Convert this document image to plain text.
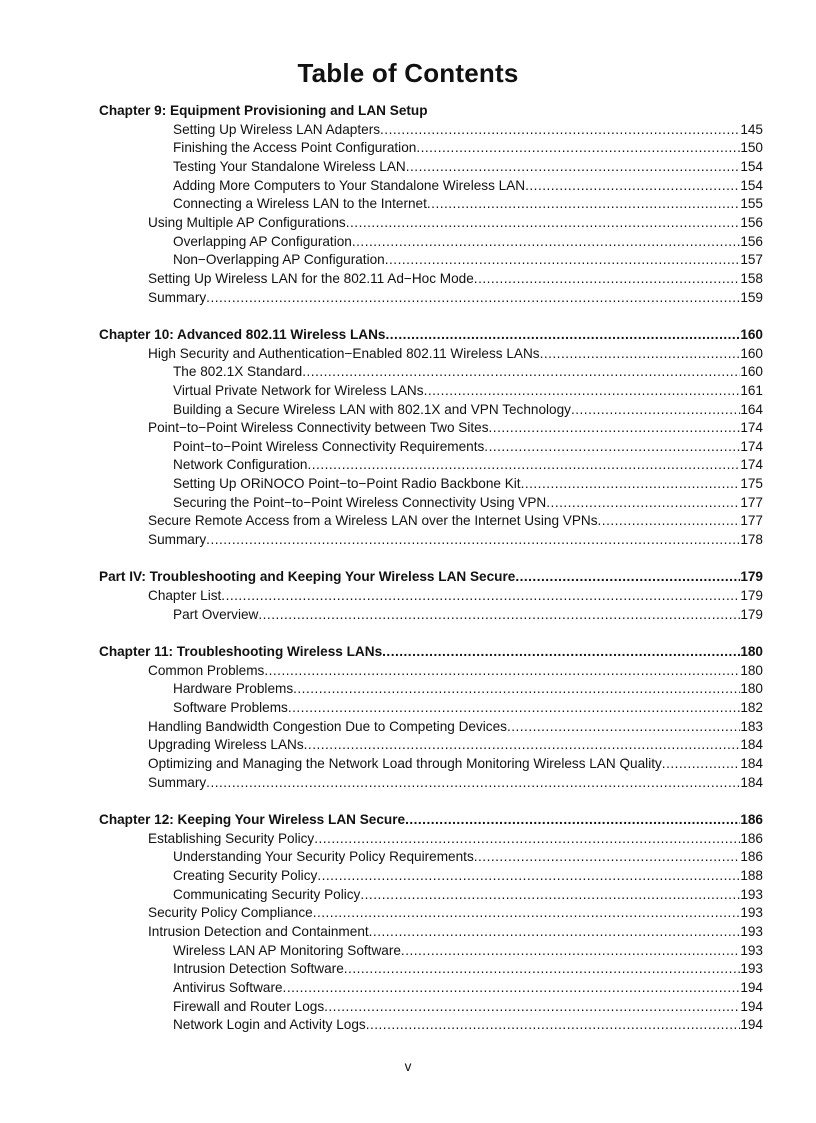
Table of Contents
Chapter 9: Equipment Provisioning and LAN Setup
Setting Up Wireless LAN Adapters .....	145
Finishing the Access Point Configuration .....	150
Testing Your Standalone Wireless LAN .....	154
Adding More Computers to Your Standalone Wireless LAN .....	154
Connecting a Wireless LAN to the Internet .....	155
Using Multiple AP Configurations .....	156
Overlapping AP Configuration .....	156
Non−Overlapping AP Configuration .....	157
Setting Up Wireless LAN for the 802.11 Ad−Hoc Mode .....	158
Summary .....	159
Chapter 10: Advanced 802.11 Wireless LANs .....	160
High Security and Authentication−Enabled 802.11 Wireless LANs .....	160
The 802.1X Standard .....	160
Virtual Private Network for Wireless LANs .....	161
Building a Secure Wireless LAN with 802.1X and VPN Technology .....	164
Point−to−Point Wireless Connectivity between Two Sites .....	174
Point−to−Point Wireless Connectivity Requirements .....	174
Network Configuration .....	174
Setting Up ORiNOCO Point−to−Point Radio Backbone Kit .....	175
Securing the Point−to−Point Wireless Connectivity Using VPN .....	177
Secure Remote Access from a Wireless LAN over the Internet Using VPNs .....	177
Summary .....	178
Part IV: Troubleshooting and Keeping Your Wireless LAN Secure .....	179
Chapter List .....	179
Part Overview .....	179
Chapter 11: Troubleshooting Wireless LANs .....	180
Common Problems .....	180
Hardware Problems .....	180
Software Problems .....	182
Handling Bandwidth Congestion Due to Competing Devices .....	183
Upgrading Wireless LANs .....	184
Optimizing and Managing the Network Load through Monitoring Wireless LAN Quality .....	184
Summary .....	184
Chapter 12: Keeping Your Wireless LAN Secure .....	186
Establishing Security Policy .....	186
Understanding Your Security Policy Requirements .....	186
Creating Security Policy .....	188
Communicating Security Policy .....	193
Security Policy Compliance .....	193
Intrusion Detection and Containment .....	193
Wireless LAN AP Monitoring Software .....	193
Intrusion Detection Software .....	193
Antivirus Software .....	194
Firewall and Router Logs .....	194
Network Login and Activity Logs .....	194
v
